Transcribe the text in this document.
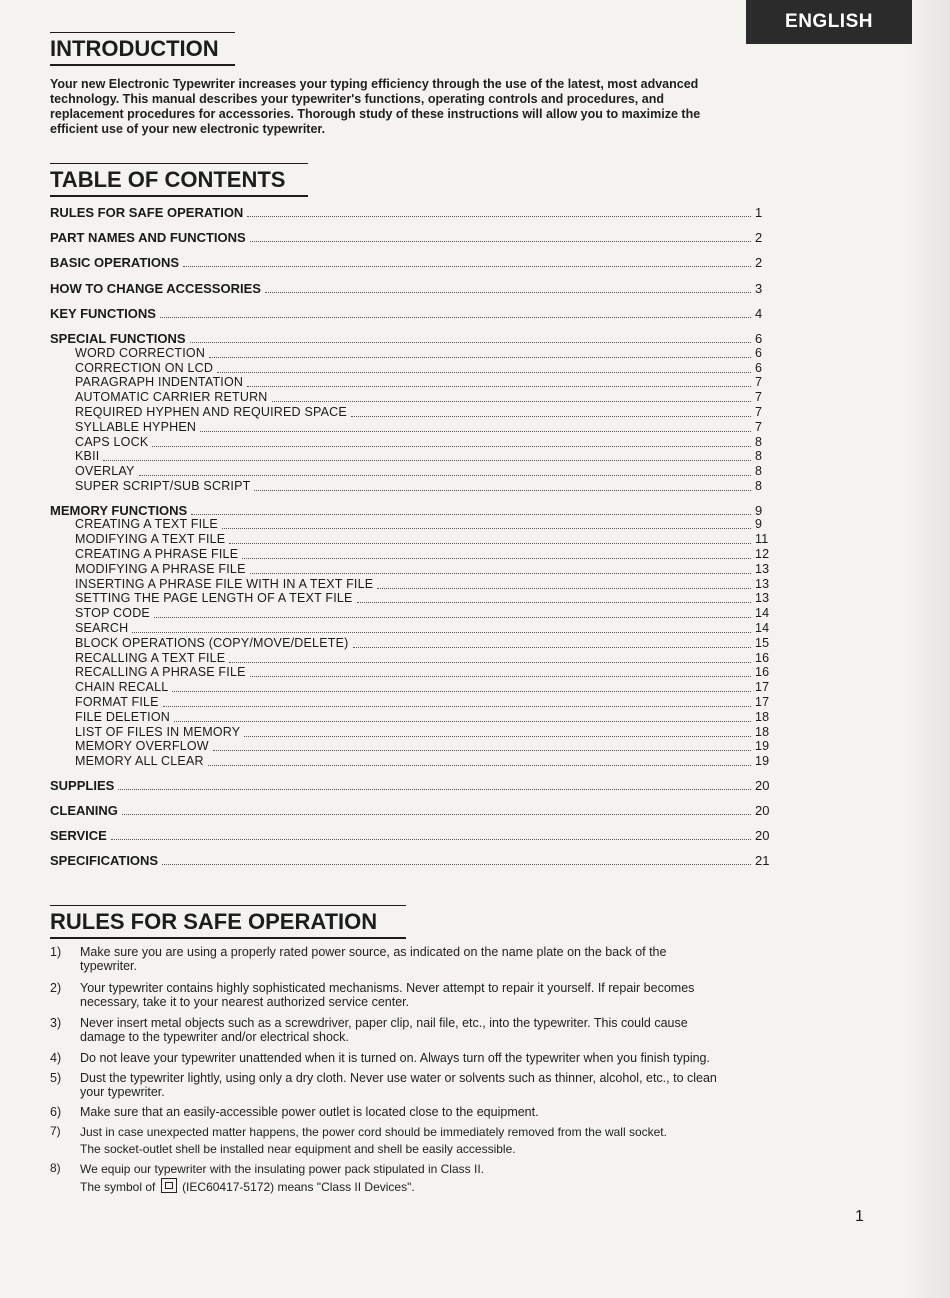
ENGLISH
INTRODUCTION
Your new Electronic Typewriter increases your typing efficiency through the use of the latest, most advanced
technology. This manual describes your typewriter's functions, operating controls and procedures, and
replacement procedures for accessories. Thorough study of these instructions will allow you to maximize the
efficient use of your new electronic typewriter.
TABLE OF CONTENTS
RULES FOR SAFE OPERATION	1
PART NAMES AND FUNCTIONS	2
BASIC OPERATIONS	2
HOW TO CHANGE ACCESSORIES	3
KEY FUNCTIONS	4
SPECIAL FUNCTIONS	6
WORD CORRECTION	6
CORRECTION ON LCD	6
PARAGRAPH INDENTATION	7
AUTOMATIC CARRIER RETURN	7
REQUIRED HYPHEN AND REQUIRED SPACE	7
SYLLABLE HYPHEN	7
CAPS LOCK	8
KBII	8
OVERLAY	8
SUPER SCRIPT/SUB SCRIPT	8
MEMORY FUNCTIONS	9
CREATING A TEXT FILE	9
MODIFYING A TEXT FILE	11
CREATING A PHRASE FILE	12
MODIFYING A PHRASE FILE	13
INSERTING A PHRASE FILE WITH IN A TEXT FILE	13
SETTING THE PAGE LENGTH OF A TEXT FILE	13
STOP CODE	14
SEARCH	14
BLOCK OPERATIONS (COPY/MOVE/DELETE)	15
RECALLING A TEXT FILE	16
RECALLING A PHRASE FILE	16
CHAIN RECALL	17
FORMAT FILE	17
FILE DELETION	18
LIST OF FILES IN MEMORY	18
MEMORY OVERFLOW	19
MEMORY ALL CLEAR	19
SUPPLIES	20
CLEANING	20
SERVICE	20
SPECIFICATIONS	21
RULES FOR SAFE OPERATION
1)	Make sure you are using a properly rated power source, as indicated on the name plate on the back of the
typewriter.
2)	Your typewriter contains highly sophisticated mechanisms. Never attempt to repair it yourself. If repair becomes
necessary, take it to your nearest authorized service center.
3)	Never insert metal objects such as a screwdriver, paper clip, nail file, etc., into the typewriter. This could cause
damage to the typewriter and/or electrical shock.
4)	Do not leave your typewriter unattended when it is turned on. Always turn off the typewriter when you finish typing.
5)	Dust the typewriter lightly, using only a dry cloth. Never use water or solvents such as thinner, alcohol, etc., to clean
your typewriter.
6)	Make sure that an easily-accessible power outlet is located close to the equipment.
7)	Just in case unexpected matter happens, the power cord should be immediately removed from the wall socket.
The socket-outlet shell be installed near equipment and shell be easily accessible.
8)	We equip our typewriter with the insulating power pack stipulated in Class II.
The symbol of (IEC60417-5172) means "Class II Devices".
1
